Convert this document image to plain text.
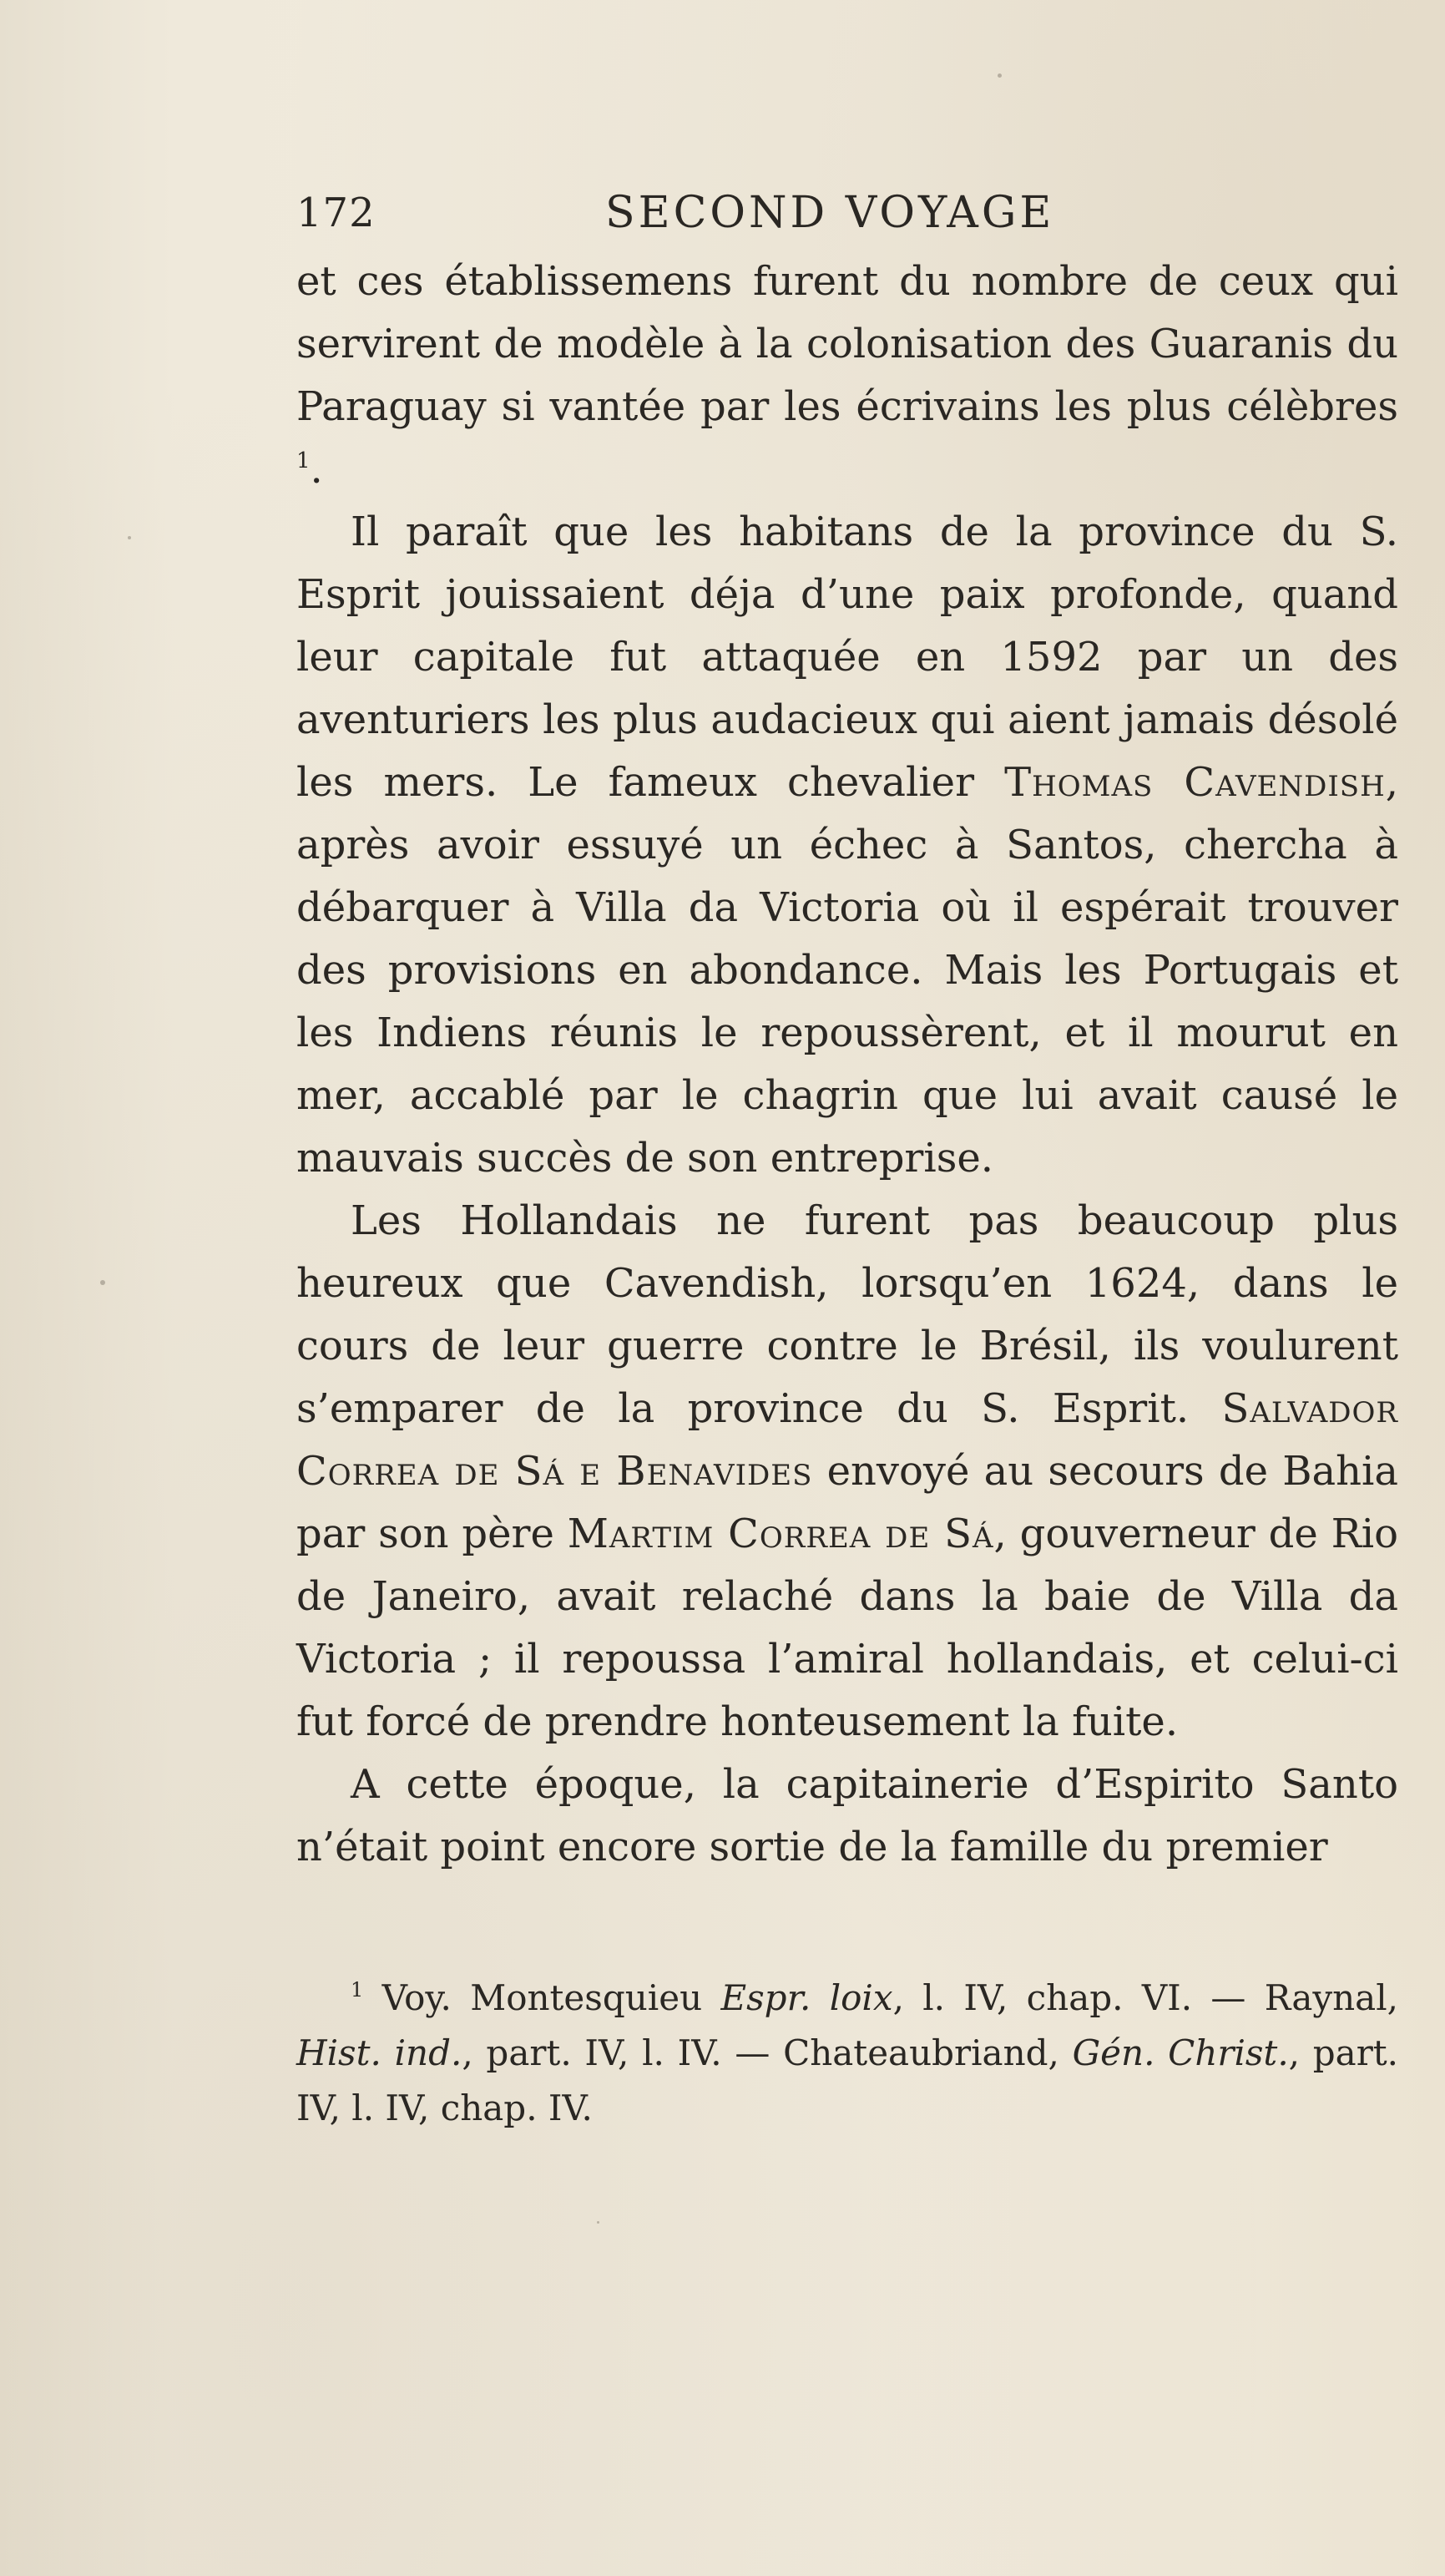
172	SECOND VOYAGE

et ces établissemens furent du nombre de ceux qui servirent de modèle à la colonisation des Guaranis du Paraguay si vantée par les écrivains les plus célèbres $^1$.

Il paraît que les habitans de la province du S. Esprit jouissaient déja d’une paix profonde, quand leur capitale fut attaquée en 1592 par un des aventuriers les plus audacieux qui aient jamais désolé les mers. Le fameux chevalier Thomas Cavendish, après avoir essuyé un échec à Santos, chercha à débarquer à Villa da Victoria où il espérait trouver des provisions en abondance. Mais les Portugais et les Indiens réunis le repoussèrent, et il mourut en mer, accablé par le chagrin que lui avait causé le mauvais succès de son entreprise.

Les Hollandais ne furent pas beaucoup plus heureux que Cavendish, lorsqu’en 1624, dans le cours de leur guerre contre le Brésil, ils voulurent s’emparer de la province du S. Esprit. Salvador Correa de Sá e Benavides envoyé au secours de Bahia par son père Martim Correa de Sá, gouverneur de Rio de Janeiro, avait relaché dans la baie de Villa da Victoria ; il repoussa l’amiral hollandais, et celui-ci fut forcé de prendre honteusement la fuite.

A cette époque, la capitainerie d’Espirito Santo n’était point encore sortie de la famille du premier

$^1$ Voy. Montesquieu Espr. loix, l. IV, chap. VI. — Raynal, Hist. ind., part. IV, l. IV. — Chateaubriand, Gén. Christ., part. IV, l. IV, chap. IV.
